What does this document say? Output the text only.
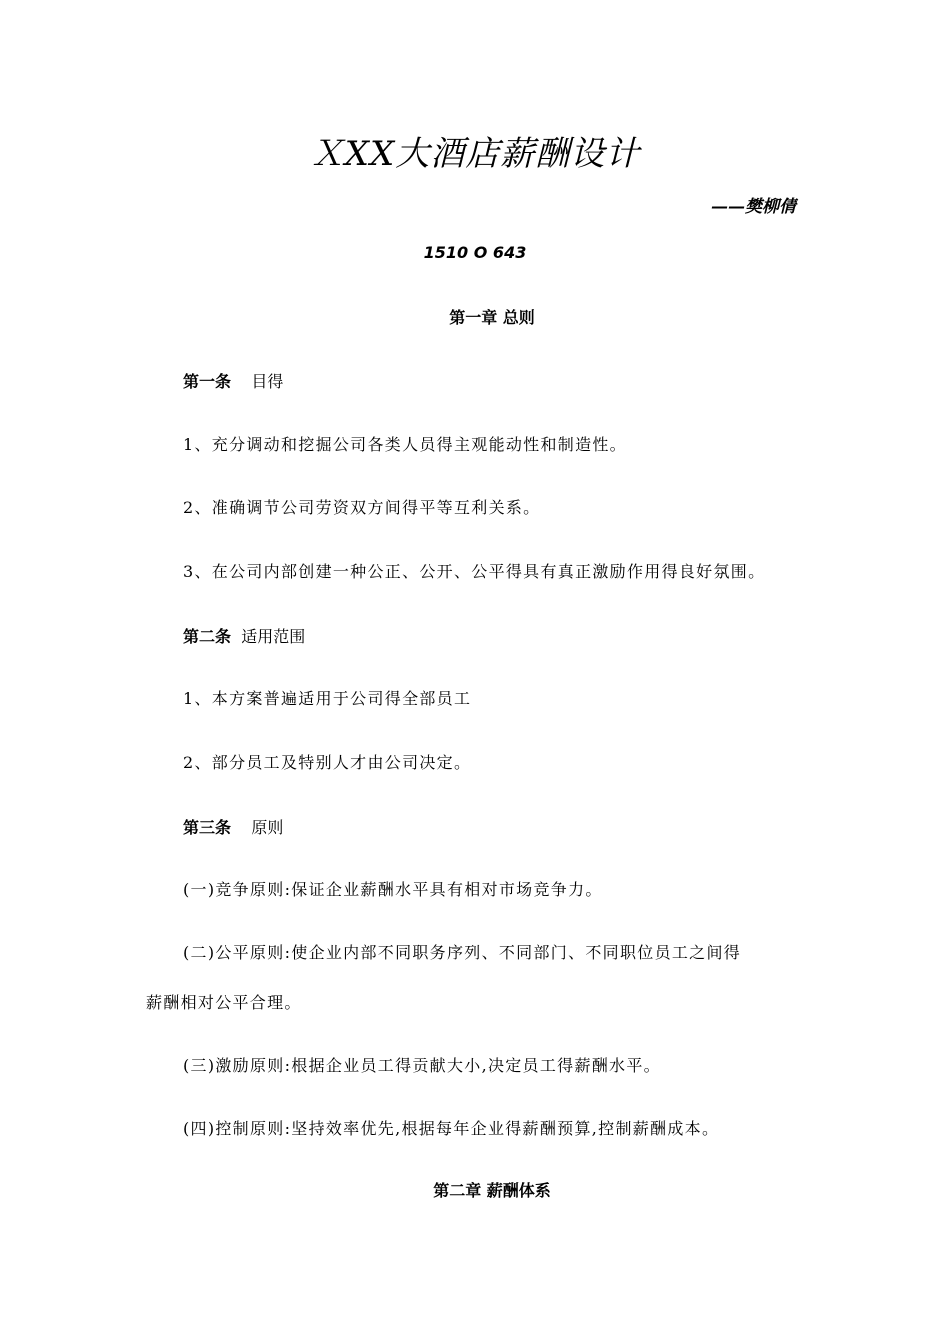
ＸXX大酒店薪酬设计
——樊柳倩
1510 O 643
第一章 总则
第一条 目得
1、充分调动和挖掘公司各类人员得主观能动性和制造性。
2、准确调节公司劳资双方间得平等互利关系。
3、在公司内部创建一种公正、公开、公平得具有真正激励作用得良好氛围。
第二条 适用范围
1、本方案普遍适用于公司得全部员工
2、部分员工及特别人才由公司决定。
第三条 原则
(一)竞争原则:保证企业薪酬水平具有相对市场竞争力。
(二)公平原则:使企业内部不同职务序列、不同部门、不同职位员工之间得
薪酬相对公平合理。
(三)激励原则:根据企业员工得贡献大小,决定员工得薪酬水平。
(四)控制原则:坚持效率优先,根据每年企业得薪酬预算,控制薪酬成本。
第二章 薪酬体系
